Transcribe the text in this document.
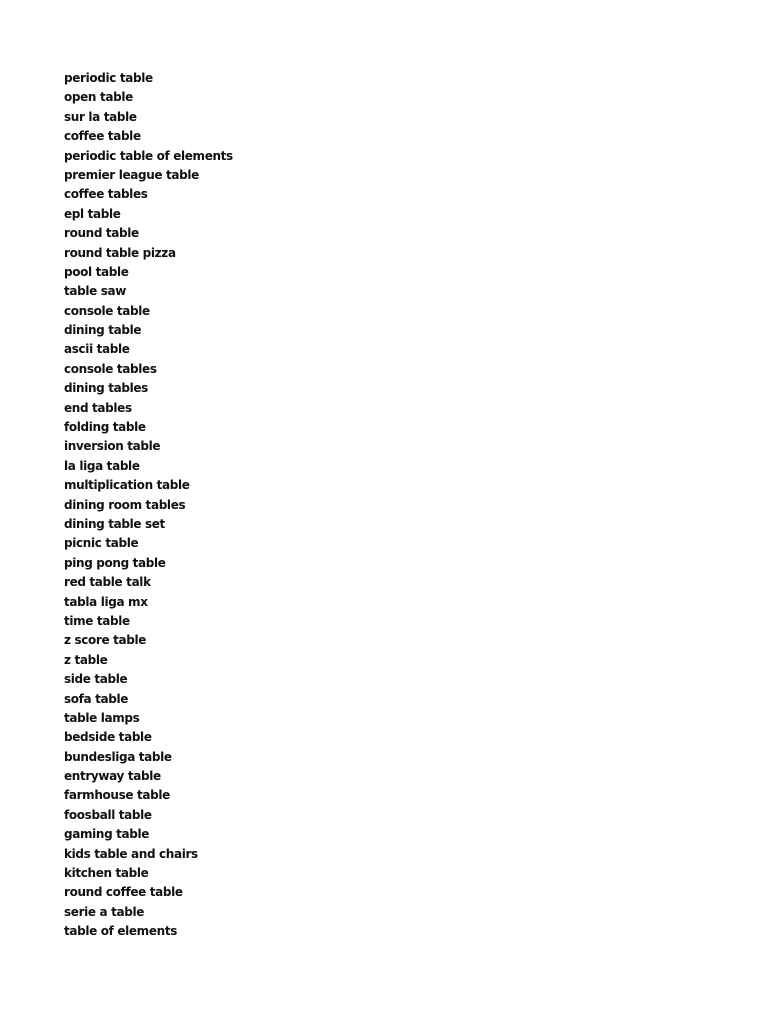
periodic table
open table
sur la table
coffee table
periodic table of elements
premier league table
coffee tables
epl table
round table
round table pizza
pool table
table saw
console table
dining table
ascii table
console tables
dining tables
end tables
folding table
inversion table
la liga table
multiplication table
dining room tables
dining table set
picnic table
ping pong table
red table talk
tabla liga mx
time table
z score table
z table
side table
sofa table
table lamps
bedside table
bundesliga table
entryway table
farmhouse table
foosball table
gaming table
kids table and chairs
kitchen table
round coffee table
serie a table
table of elements
